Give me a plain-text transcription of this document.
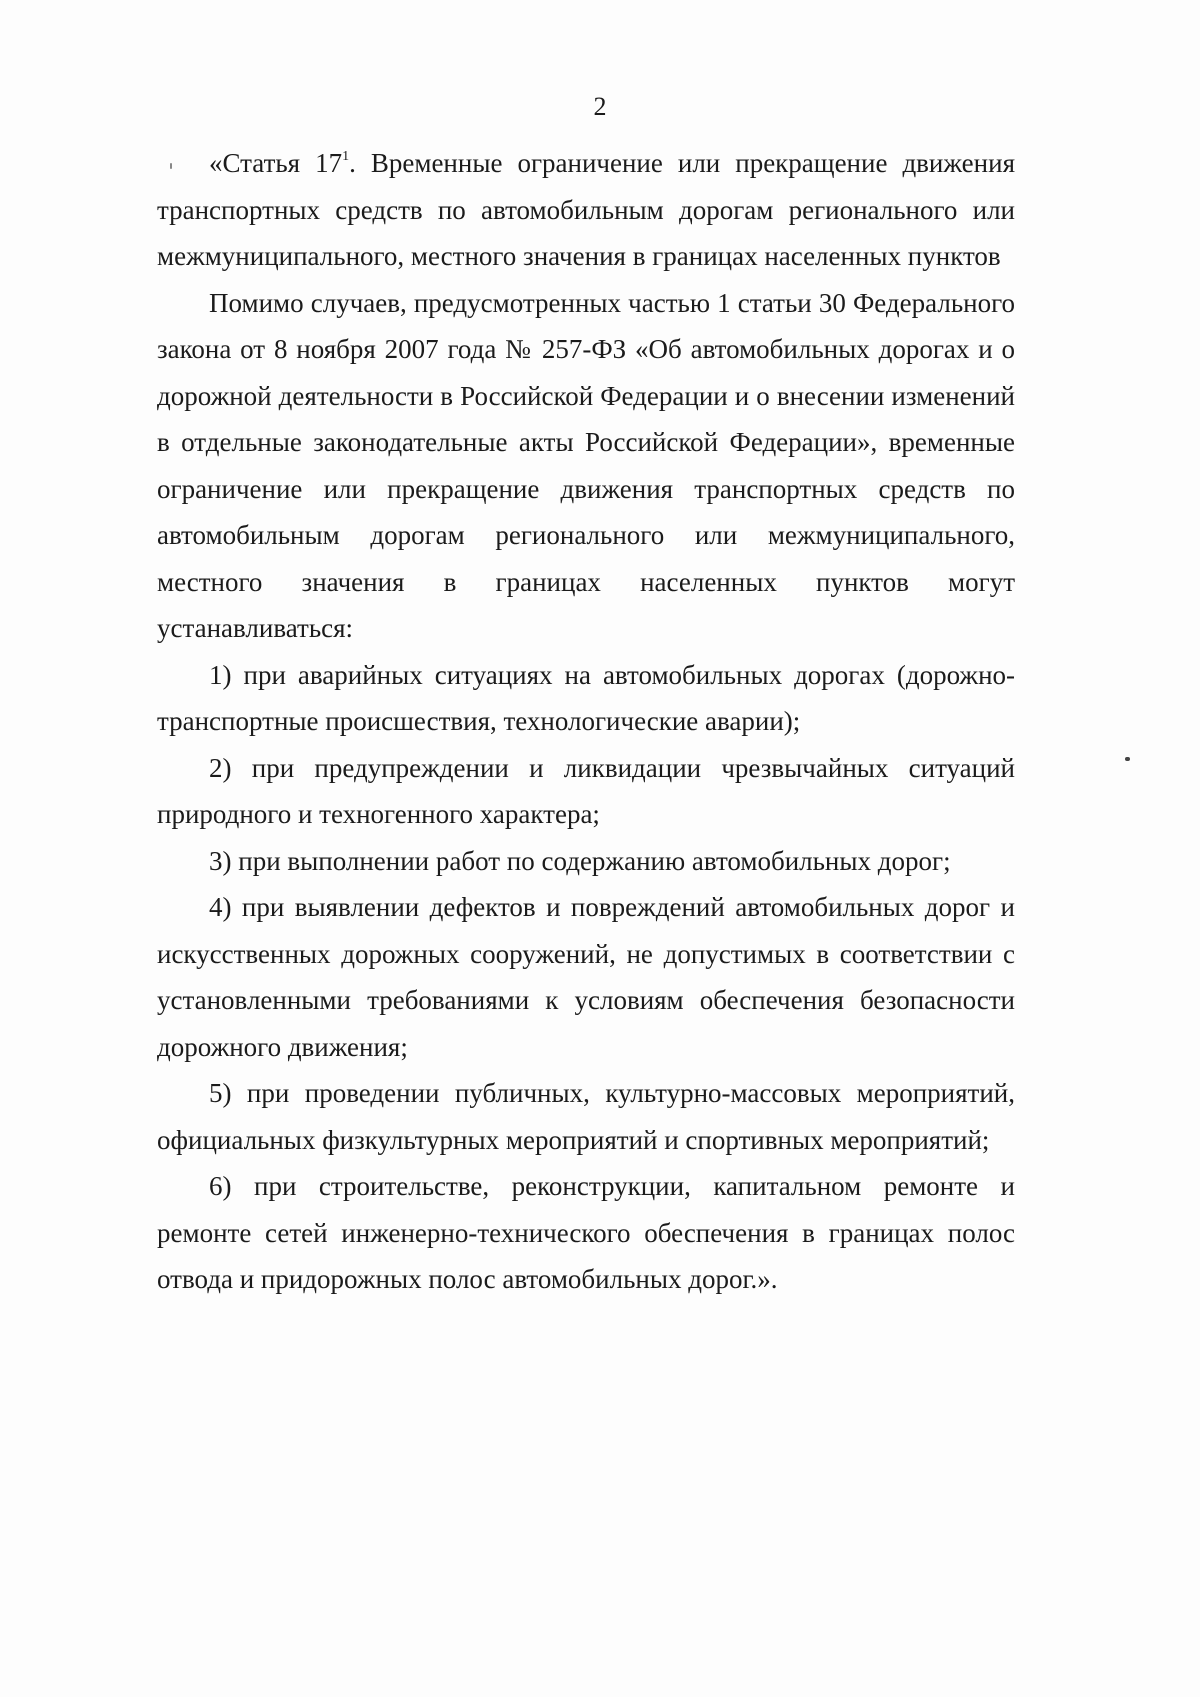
2

«Статья $17^1$. Временные ограничение или прекращение движения транспортных средств по автомобильным дорогам регионального или межмуниципального, местного значения в границах населенных пунктов

Помимо случаев, предусмотренных частью 1 статьи 30 Федерального закона от 8 ноября 2007 года № 257-ФЗ «Об автомобильных дорогах и о дорожной деятельности в Российской Федерации и о внесении изменений в отдельные законодательные акты Российской Федерации», временные ограничение или прекращение движения транспортных средств по автомобильным дорогам регионального или межмуниципального, местного значения в границах населенных пунктов могут устанавливаться:

1) при аварийных ситуациях на автомобильных дорогах (дорожно-транспортные происшествия, технологические аварии);

2) при предупреждении и ликвидации чрезвычайных ситуаций природного и техногенного характера;

3) при выполнении работ по содержанию автомобильных дорог;

4) при выявлении дефектов и повреждений автомобильных дорог и искусственных дорожных сооружений, не допустимых в соответствии с установленными требованиями к условиям обеспечения безопасности дорожного движения;

5) при проведении публичных, культурно-массовых мероприятий, официальных физкультурных мероприятий и спортивных мероприятий;

6) при строительстве, реконструкции, капитальном ремонте и ремонте сетей инженерно-технического обеспечения в границах полос отвода и придорожных полос автомобильных дорог.».
